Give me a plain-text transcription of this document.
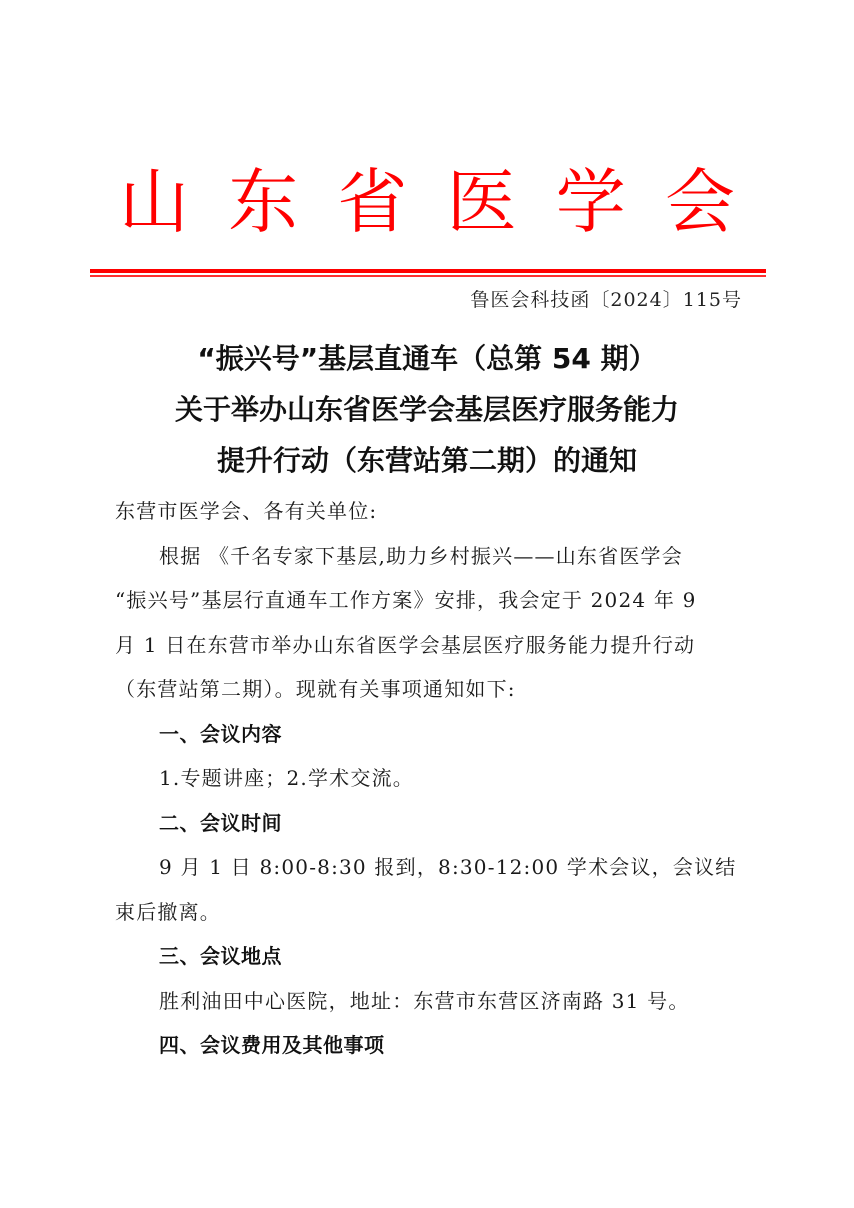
山 东 省 医 学 会
鲁医会科技函〔2024〕115号
“振兴号”基层直通车（总第 54 期）
关于举办山东省医学会基层医疗服务能力
提升行动（东营站第二期）的通知

东营市医学会、各有关单位:

根据 《千名专家下基层,助力乡村振兴——山东省医学会

“振兴号”基层行直通车工作方案》安排，我会定于 2024 年 9

月 1 日在东营市举办山东省医学会基层医疗服务能力提升行动

（东营站第二期）。现就有关事项通知如下:

一、会议内容

1.专题讲座；2.学术交流。

二、会议时间

9 月 1 日 8:00-8:30 报到，8:30-12:00 学术会议，会议结

束后撤离。

三、会议地点

胜利油田中心医院，地址：东营市东营区济南路 31 号。

四、会议费用及其他事项
